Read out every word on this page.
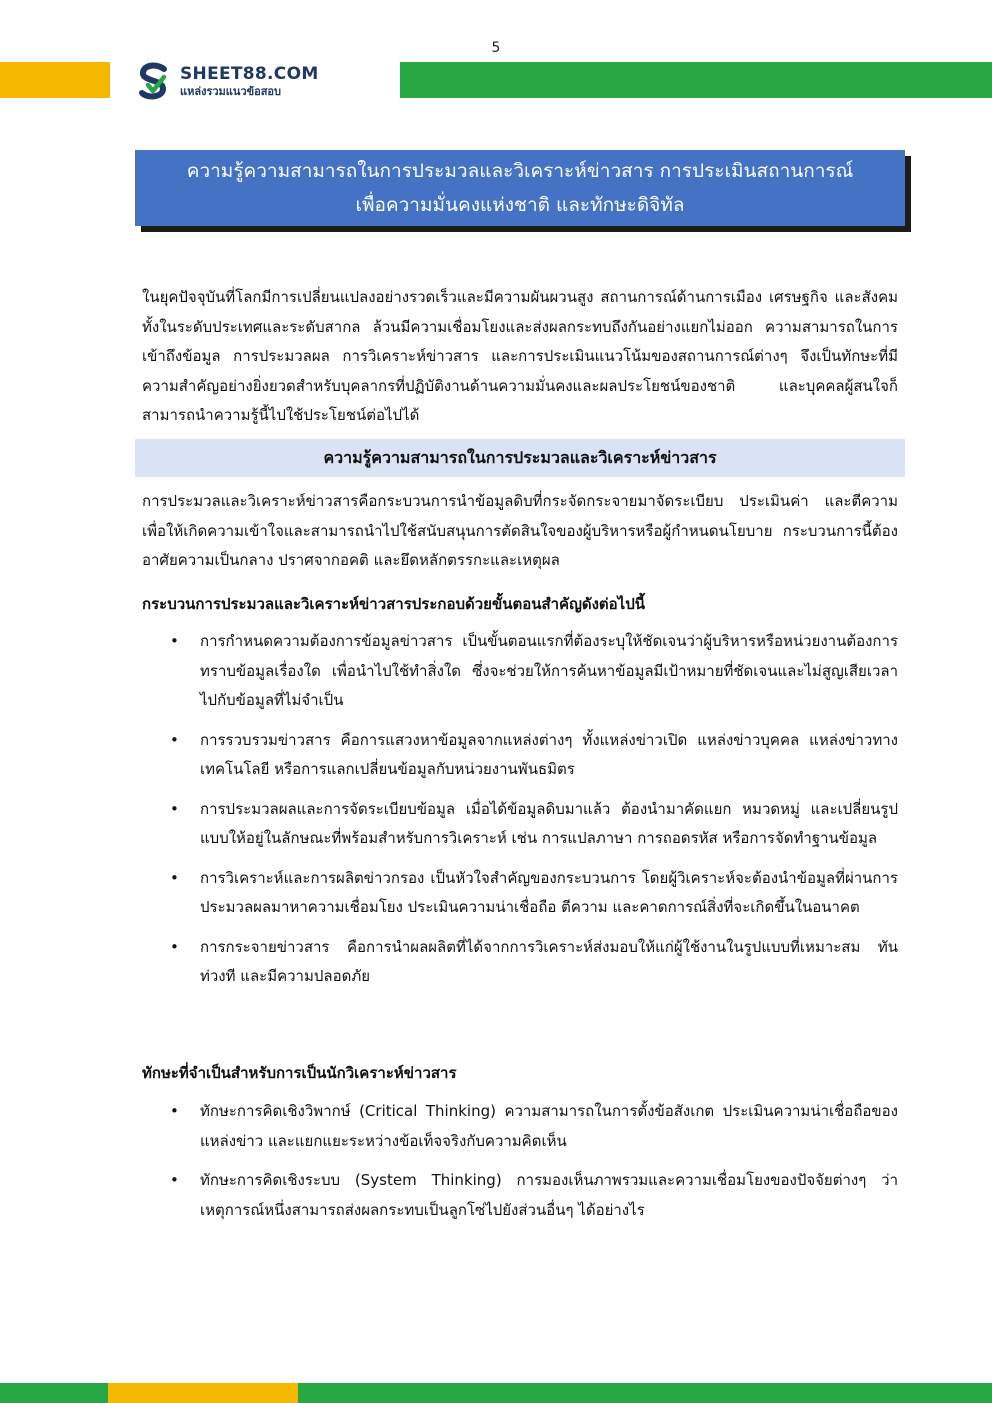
5
SHEET88.COM
แหล่งรวมแนวข้อสอบ
ความรู้ความสามารถในการประมวลและวิเคราะห์ข่าวสาร การประเมินสถานการณ์
เพื่อความมั่นคงแห่งชาติ และทักษะดิจิทัล

ในยุคปัจจุบันที่โลกมีการเปลี่ยนแปลงอย่างรวดเร็วและมีความผันผวนสูง สถานการณ์ด้านการเมือง เศรษฐกิจ และสังคม ทั้งในระดับประเทศและระดับสากล ล้วนมีความเชื่อมโยงและส่งผลกระทบถึงกันอย่างแยกไม่ออก ความสามารถในการเข้าถึงข้อมูล การประมวลผล การวิเคราะห์ข่าวสาร และการประเมินแนวโน้มของสถานการณ์ต่างๆ จึงเป็นทักษะที่มีความสำคัญอย่างยิ่งยวดสำหรับบุคลากรที่ปฏิบัติงานด้านความมั่นคงและผลประโยชน์ของชาติ และบุคคลผู้สนใจก็สามารถนำความรู้นี้ไปใช้ประโยชน์ต่อไปได้

ความรู้ความสามารถในการประมวลและวิเคราะห์ข่าวสาร

การประมวลและวิเคราะห์ข่าวสารคือกระบวนการนำข้อมูลดิบที่กระจัดกระจายมาจัดระเบียบ ประเมินค่า และตีความ เพื่อให้เกิดความเข้าใจและสามารถนำไปใช้สนับสนุนการตัดสินใจของผู้บริหารหรือผู้กำหนดนโยบาย กระบวนการนี้ต้องอาศัยความเป็นกลาง ปราศจากอคติ และยึดหลักตรรกะและเหตุผล

กระบวนการประมวลและวิเคราะห์ข่าวสารประกอบด้วยขั้นตอนสำคัญดังต่อไปนี้
• การกำหนดความต้องการข้อมูลข่าวสาร เป็นขั้นตอนแรกที่ต้องระบุให้ชัดเจนว่าผู้บริหารหรือหน่วยงานต้องการทราบข้อมูลเรื่องใด เพื่อนำไปใช้ทำสิ่งใด ซึ่งจะช่วยให้การค้นหาข้อมูลมีเป้าหมายที่ชัดเจนและไม่สูญเสียเวลาไปกับข้อมูลที่ไม่จำเป็น
• การรวบรวมข่าวสาร คือการแสวงหาข้อมูลจากแหล่งต่างๆ ทั้งแหล่งข่าวเปิด แหล่งข่าวบุคคล แหล่งข่าวทางเทคโนโลยี หรือการแลกเปลี่ยนข้อมูลกับหน่วยงานพันธมิตร
• การประมวลผลและการจัดระเบียบข้อมูล เมื่อได้ข้อมูลดิบมาแล้ว ต้องนำมาคัดแยก หมวดหมู่ และเปลี่ยนรูปแบบให้อยู่ในลักษณะที่พร้อมสำหรับการวิเคราะห์ เช่น การแปลภาษา การถอดรหัส หรือการจัดทำฐานข้อมูล
• การวิเคราะห์และการผลิตข่าวกรอง เป็นหัวใจสำคัญของกระบวนการ โดยผู้วิเคราะห์จะต้องนำข้อมูลที่ผ่านการประมวลผลมาหาความเชื่อมโยง ประเมินความน่าเชื่อถือ ตีความ และคาดการณ์สิ่งที่จะเกิดขึ้นในอนาคต
• การกระจายข่าวสาร คือการนำผลผลิตที่ได้จากการวิเคราะห์ส่งมอบให้แก่ผู้ใช้งานในรูปแบบที่เหมาะสม ทันท่วงที และมีความปลอดภัย
ทักษะที่จำเป็นสำหรับการเป็นนักวิเคราะห์ข่าวสาร
• ทักษะการคิดเชิงวิพากษ์ (Critical Thinking) ความสามารถในการตั้งข้อสังเกต ประเมินความน่าเชื่อถือของแหล่งข่าว และแยกแยะระหว่างข้อเท็จจริงกับความคิดเห็น
• ทักษะการคิดเชิงระบบ (System Thinking) การมองเห็นภาพรวมและความเชื่อมโยงของปัจจัยต่างๆ ว่าเหตุการณ์หนึ่งสามารถส่งผลกระทบเป็นลูกโซ่ไปยังส่วนอื่นๆ ได้อย่างไร
